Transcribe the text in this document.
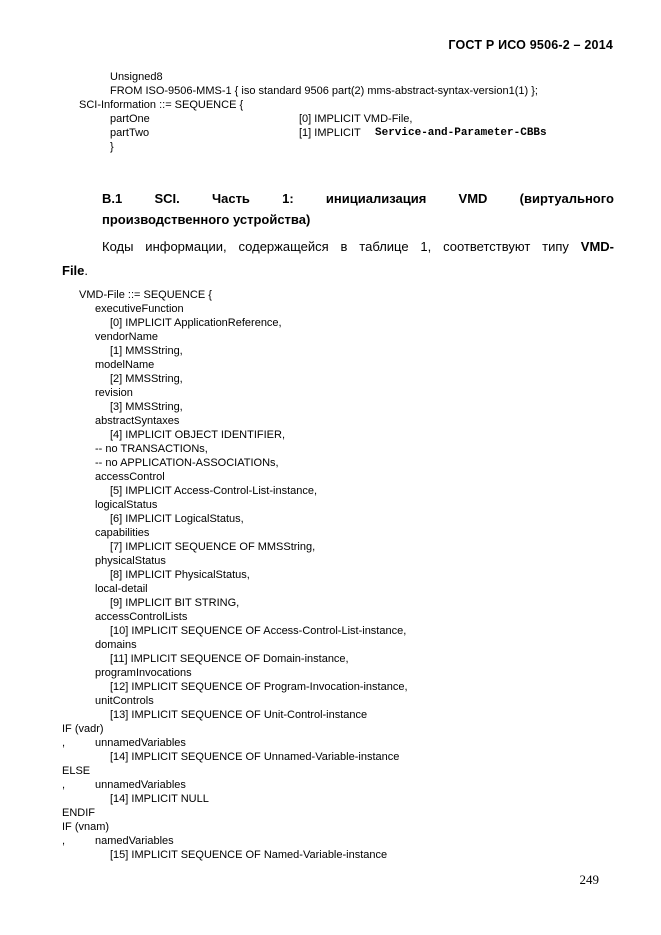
ГОСТ Р ИСО 9506-2 – 2014
Unsigned8
FROM ISO-9506-MMS-1 { iso standard 9506 part(2) mms-abstract-syntax-version1(1) };
SCI-Information ::= SEQUENCE {
partOne	[0] IMPLICIT VMD-File,
partTwo	[1] IMPLICIT Service-and-Parameter-CBBs
}
B.1 SCI. Часть 1: инициализация VMD (виртуального
производственного устройства)
Коды информации, содержащейся в таблице 1, соответствуют типу VMD-
File.
VMD-File ::= SEQUENCE {
executiveFunction
[0] IMPLICIT ApplicationReference,
vendorName
[1] MMSString,
modelName
[2] MMSString,
revision
[3] MMSString,
abstractSyntaxes
[4] IMPLICIT OBJECT IDENTIFIER,
-- no TRANSACTIONs,
-- no APPLICATION-ASSOCIATIONs,
accessControl
[5] IMPLICIT Access-Control-List-instance,
logicalStatus
[6] IMPLICIT LogicalStatus,
capabilities
[7] IMPLICIT SEQUENCE OF MMSString,
physicalStatus
[8] IMPLICIT PhysicalStatus,
local-detail
[9] IMPLICIT BIT STRING,
accessControlLists
[10] IMPLICIT SEQUENCE OF Access-Control-List-instance,
domains
[11] IMPLICIT SEQUENCE OF Domain-instance,
programInvocations
[12] IMPLICIT SEQUENCE OF Program-Invocation-instance,
unitControls
[13] IMPLICIT SEQUENCE OF Unit-Control-instance
IF (vadr)
,	unnamedVariables
[14] IMPLICIT SEQUENCE OF Unnamed-Variable-instance
ELSE
,	unnamedVariables
[14] IMPLICIT NULL
ENDIF
IF (vnam)
,	namedVariables
[15] IMPLICIT SEQUENCE OF Named-Variable-instance
249
